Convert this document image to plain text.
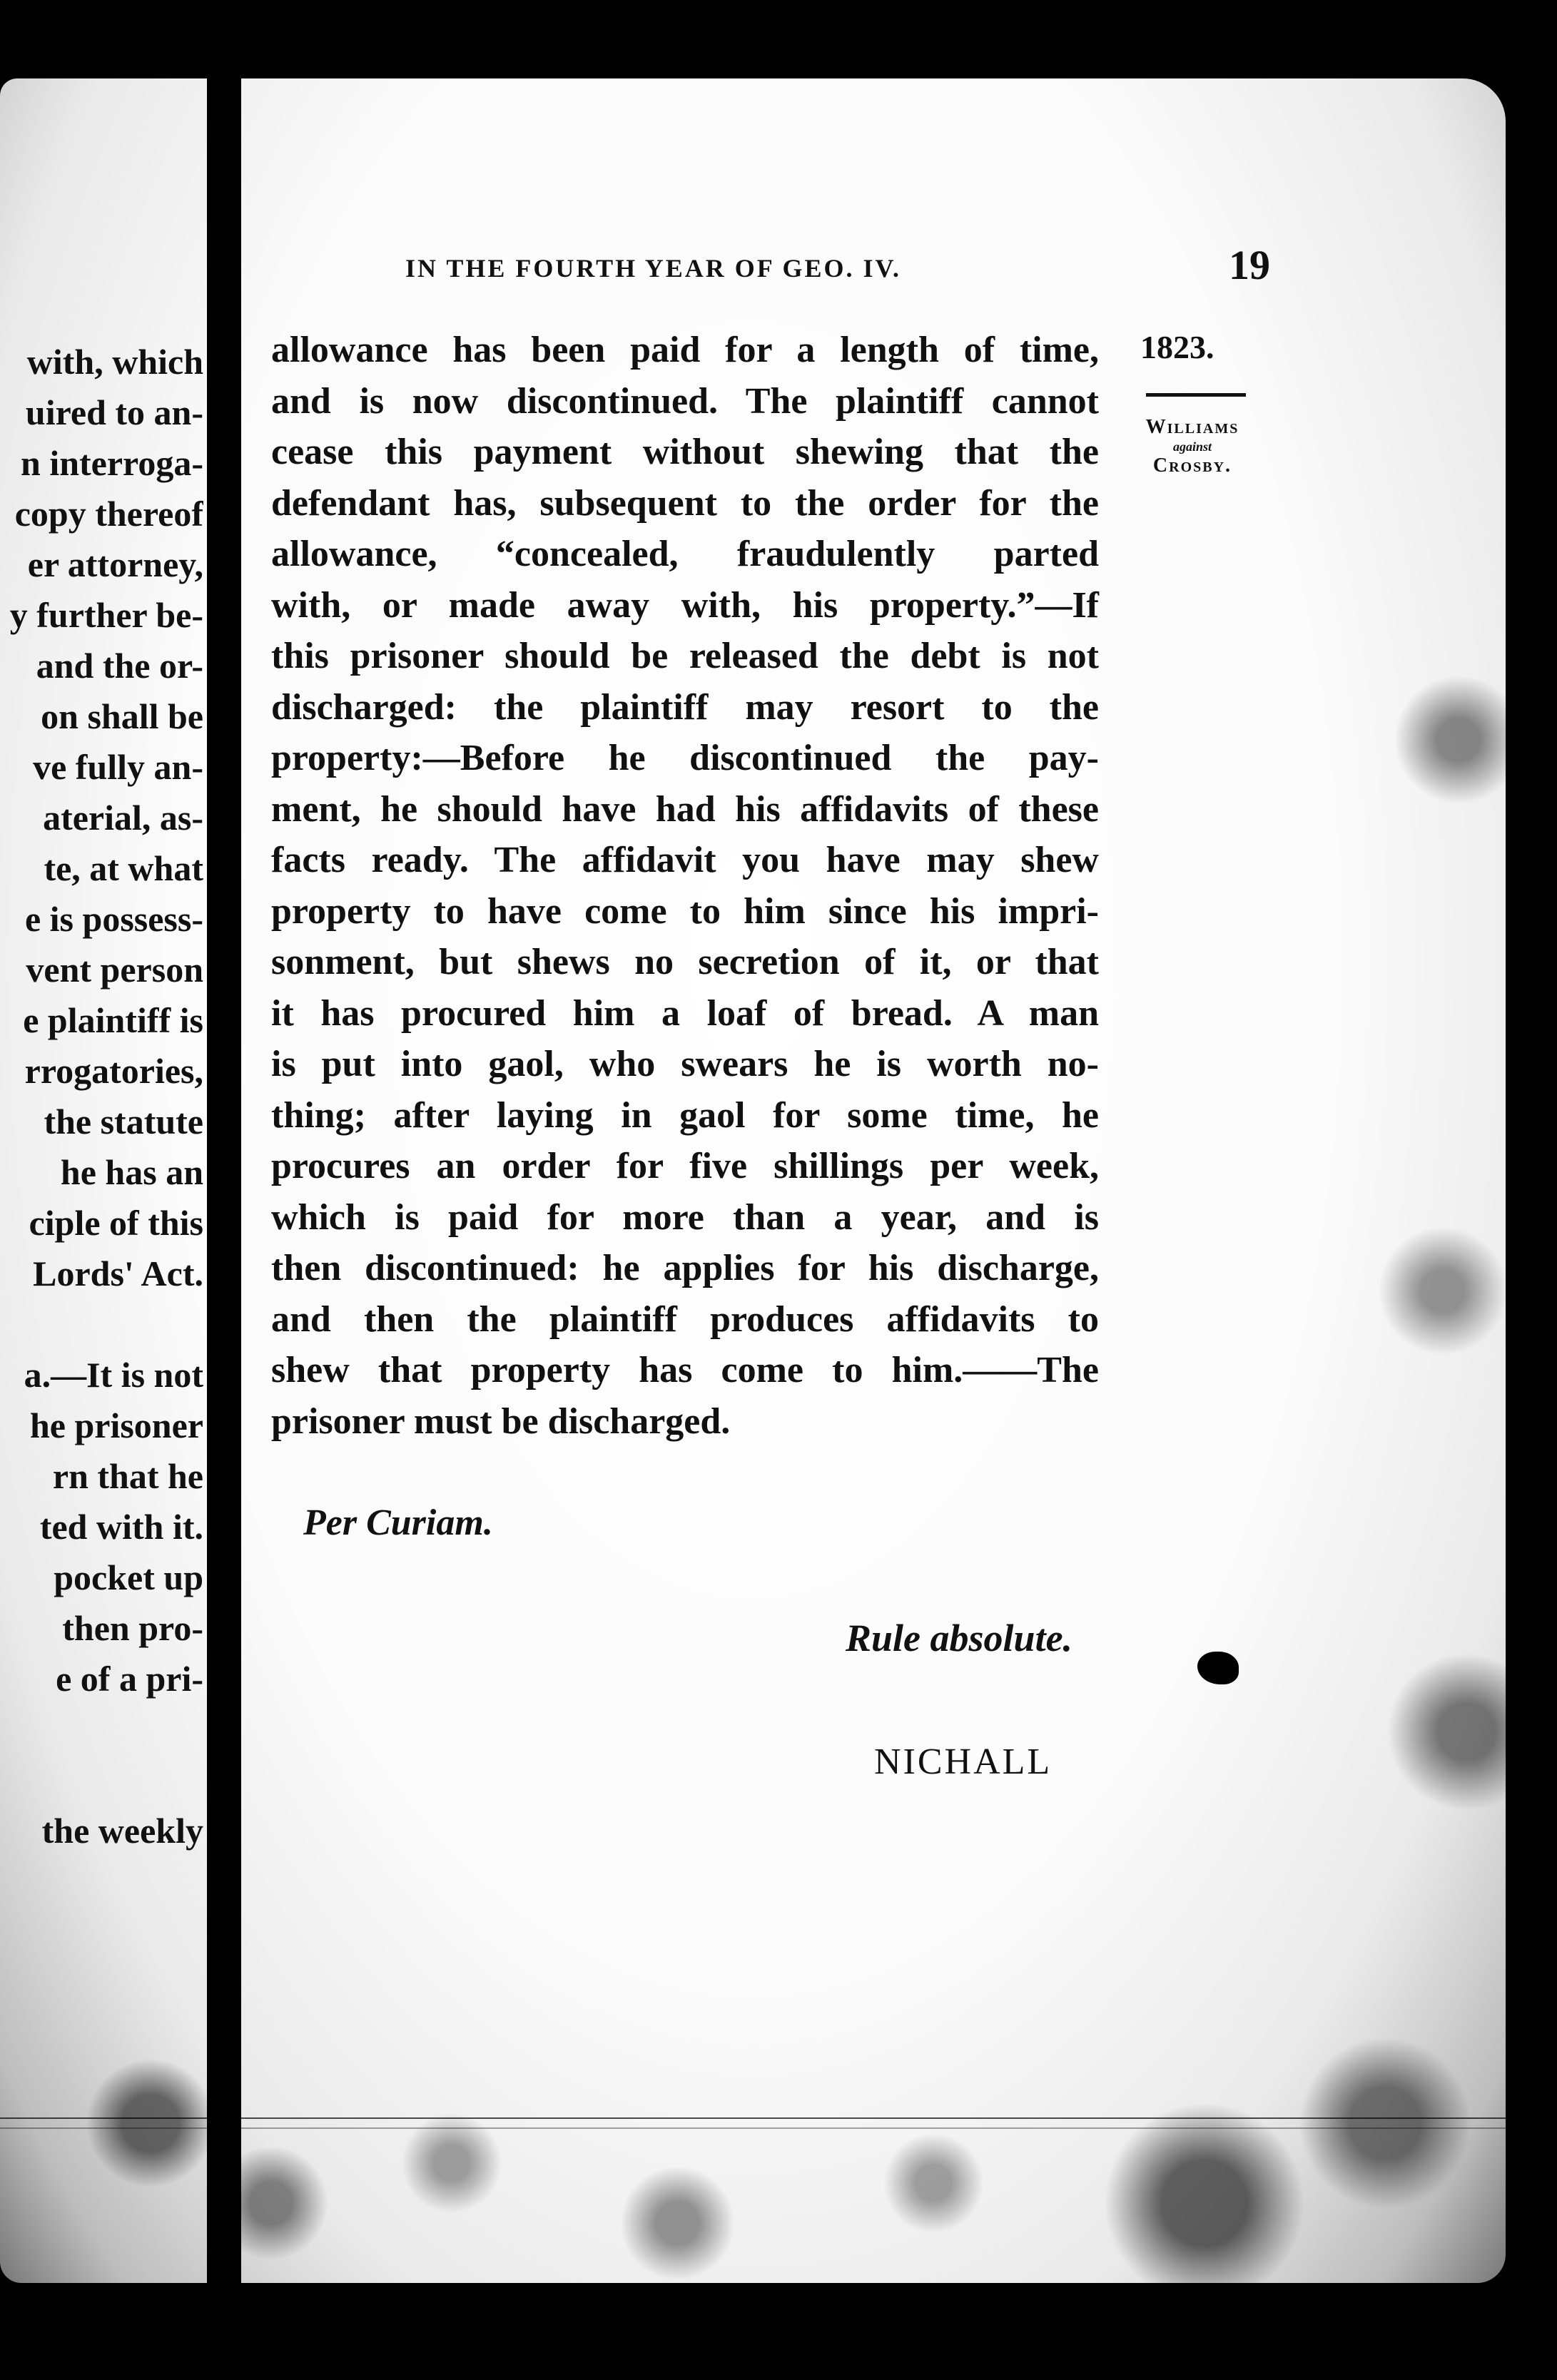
with, which
uired to an-
n interroga-
copy thereof
er attorney,
y further be-
and the or-
on shall be
ve fully an-
aterial, as-
te, at what
e is possess-
vent person
e plaintiff is
rrogatories,
the statute
he has an
ciple of this
Lords' Act.
a.—It is not
he prisoner
rn that he
ted with it.
pocket up
then pro-
e of a pri-
the weekly
IN THE FOURTH YEAR OF GEO. IV.	19
1823.
Williams
against
Crosby.
allowance has been paid for a length of time,
and is now discontinued. The plaintiff cannot
cease this payment without shewing that the
defendant has, subsequent to the order for the
allowance, “concealed, fraudulently parted
with, or made away with, his property.”—If
this prisoner should be released the debt is not
discharged: the plaintiff may resort to the
property:—Before he discontinued the pay-
ment, he should have had his affidavits of these
facts ready. The affidavit you have may shew
property to have come to him since his impri-
sonment, but shews no secretion of it, or that
it has procured him a loaf of bread. A man
is put into gaol, who swears he is worth no-
thing; after laying in gaol for some time, he
procures an order for five shillings per week,
which is paid for more than a year, and is
then discontinued: he applies for his discharge,
and then the plaintiff produces affidavits to
shew that property has come to him.——The
prisoner must be discharged.
Per Curiam.
Rule absolute.
NICHALL
